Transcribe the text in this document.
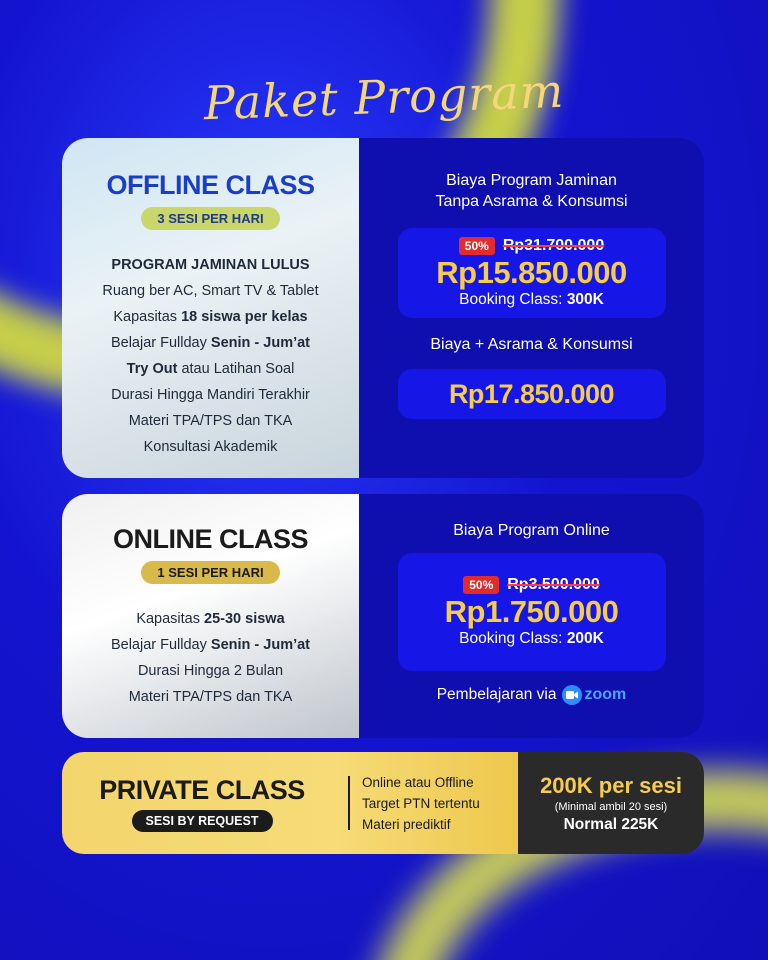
Paket Program
OFFLINE CLASS
3 SESI PER HARI
PROGRAM JAMINAN LULUS
Ruang ber AC, Smart TV & Tablet
Kapasitas 18 siswa per kelas
Belajar Fullday Senin - Jum’at
Try Out atau Latihan Soal
Durasi Hingga Mandiri Terakhir
Materi TPA/TPS dan TKA
Konsultasi Akademik
Biaya Program Jaminan
Tanpa Asrama & Konsumsi
50% Rp31.700.000
Rp15.850.000
Booking Class: 300K
Biaya + Asrama & Konsumsi
Rp17.850.000
ONLINE CLASS
1 SESI PER HARI
Kapasitas 25-30 siswa
Belajar Fullday Senin - Jum’at
Durasi Hingga 2 Bulan
Materi TPA/TPS dan TKA
Biaya Program Online
50% Rp3.500.000
Rp1.750.000
Booking Class: 200K
Pembelajaran via zoom
PRIVATE CLASS
SESI BY REQUEST
Online atau Offline
Target PTN tertentu
Materi prediktif
200K per sesi
(Minimal ambil 20 sesi)
Normal 225K
